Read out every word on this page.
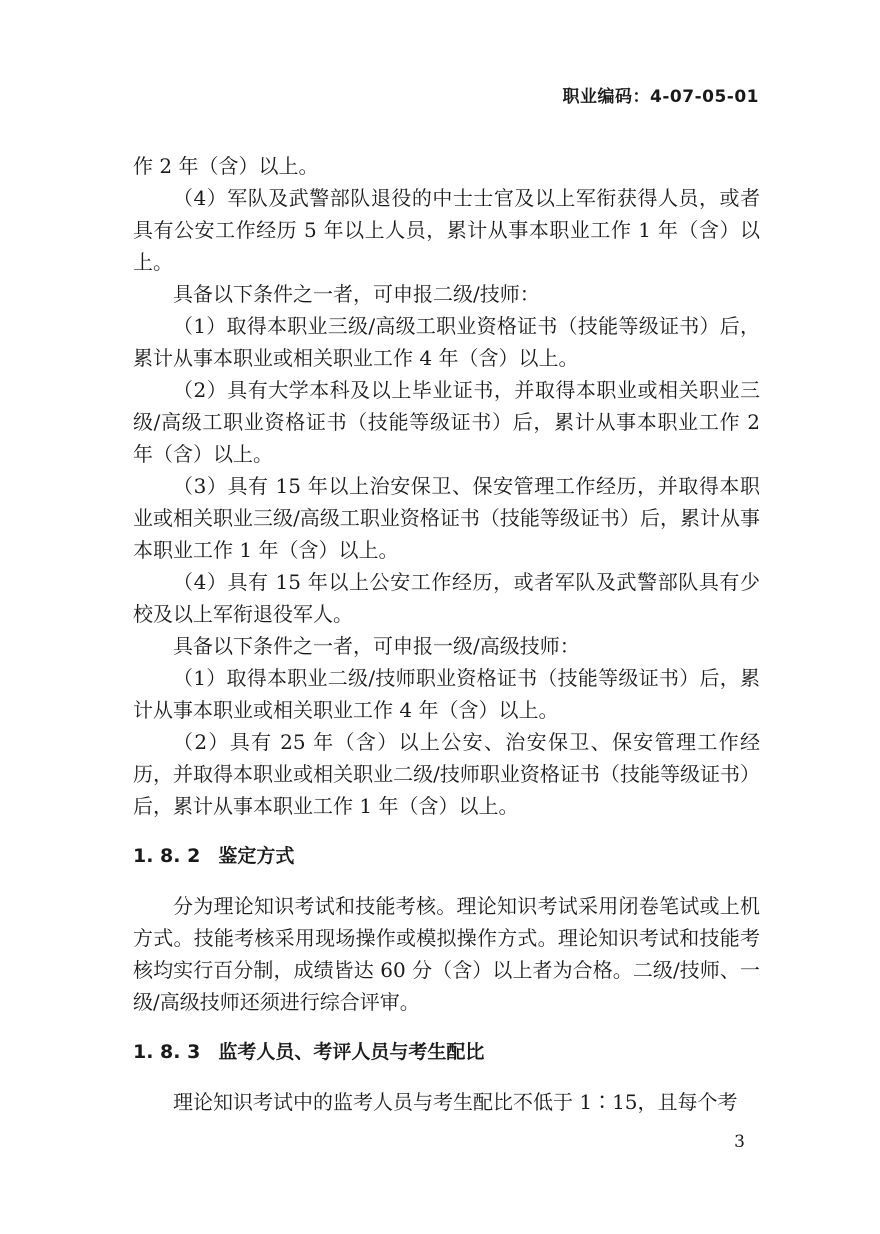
职业编码：4-07-05-01

作 2 年（含）以上。

（4）军队及武警部队退役的中士士官及以上军衔获得人员，或者具有公安工作经历 5 年以上人员，累计从事本职业工作 1 年（含）以上。

具备以下条件之一者，可申报二级/技师：

（1）取得本职业三级/高级工职业资格证书（技能等级证书）后，累计从事本职业或相关职业工作 4 年（含）以上。

（2）具有大学本科及以上毕业证书，并取得本职业或相关职业三级/高级工职业资格证书（技能等级证书）后，累计从事本职业工作 2 年（含）以上。

（3）具有 15 年以上治安保卫、保安管理工作经历，并取得本职业或相关职业三级/高级工职业资格证书（技能等级证书）后，累计从事本职业工作 1 年（含）以上。

（4）具有 15 年以上公安工作经历，或者军队及武警部队具有少校及以上军衔退役军人。

具备以下条件之一者，可申报一级/高级技师：

（1）取得本职业二级/技师职业资格证书（技能等级证书）后，累计从事本职业或相关职业工作 4 年（含）以上。

（2）具有 25 年（含）以上公安、治安保卫、保安管理工作经历，并取得本职业或相关职业二级/技师职业资格证书（技能等级证书）后，累计从事本职业工作 1 年（含）以上。

1. 8. 2 鉴定方式

分为理论知识考试和技能考核。理论知识考试采用闭卷笔试或上机方式。技能考核采用现场操作或模拟操作方式。理论知识考试和技能考核均实行百分制，成绩皆达 60 分（含）以上者为合格。二级/技师、一级/高级技师还须进行综合评审。

1. 8. 3 监考人员、考评人员与考生配比

理论知识考试中的监考人员与考生配比不低于 1∶15，且每个考

3
